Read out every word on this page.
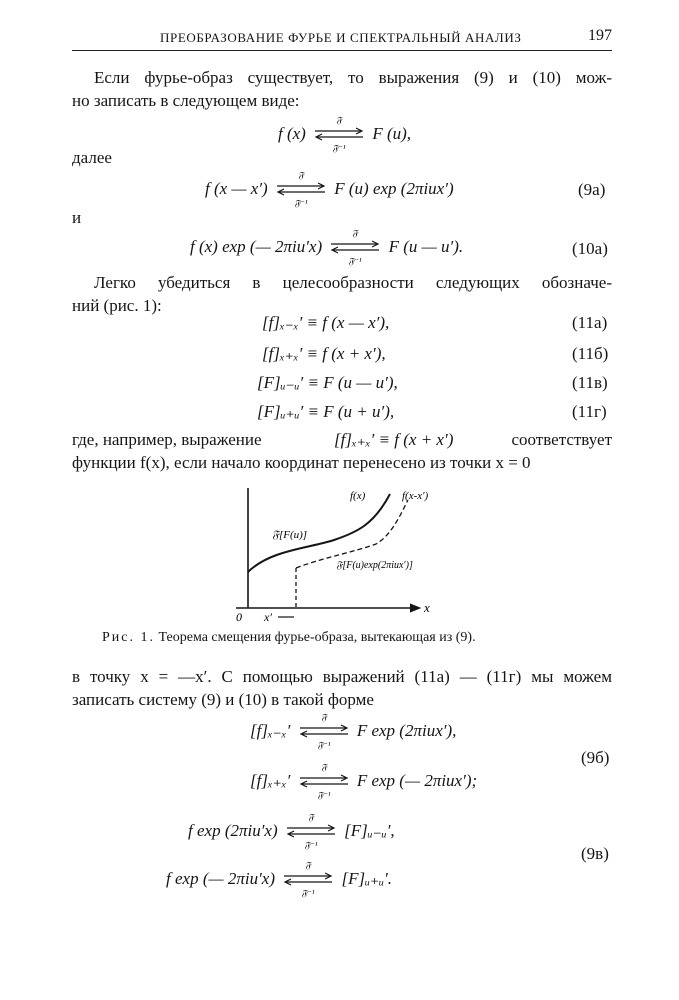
ПРЕОБРАЗОВАНИЕ ФУРЬЕ И СПЕКТРАЛЬНЫЙ АНАЛИЗ	197
Если фурье-образ существует, то выражения (9) и (10) мож-
но записать в следующем виде:
f (x)
𝔉
𝔉⁻¹
F (u),
далее
f (x — x′)
𝔉
𝔉⁻¹
F (u) exp (2πiux′)	(9a)
и
f (x) exp (— 2πiu′x)
𝔉
𝔉⁻¹
F (u — u′).	(10a)
Легко убедиться в целесообразности следующих обозначе-
ний (рис. 1):
[f]ₓ₋ₓ′ ≡ f (x — x′),	(11a)
[f]ₓ₊ₓ′ ≡ f (x + x′),	(11б)
[F]ᵤ₋ᵤ′ ≡ F (u — u′),	(11в)
[F]ᵤ₊ᵤ′ ≡ F (u + u′),	(11г)
где, например, выражение	[f]ₓ₊ₓ′ ≡ f (x + x′)	соответствует
функции f(x), если начало координат перенесено из точки x = 0
f(x)	f(x-x′)
𝔉[F(u)]
𝔉[F(u)exp(2πiux′)]
0 x′
x
Рис. 1. Теорема смещения фурье-образа, вытекающая из (9).
в точку x = —x′. С помощью выражений (11a) — (11г) мы можем
записать систему (9) и (10) в такой форме
[f]ₓ₋ₓ′
𝔉
𝔉⁻¹
F exp (2πiux′),
[f]ₓ₊ₓ′
𝔉
𝔉⁻¹
F exp (— 2πiux′);
(9б)
f exp (2πiu′x)
𝔉
𝔉⁻¹
[F]ᵤ₋ᵤ′,
f exp (— 2πiu′x)
𝔉
𝔉⁻¹
[F]ᵤ₊ᵤ′.
(9в)
